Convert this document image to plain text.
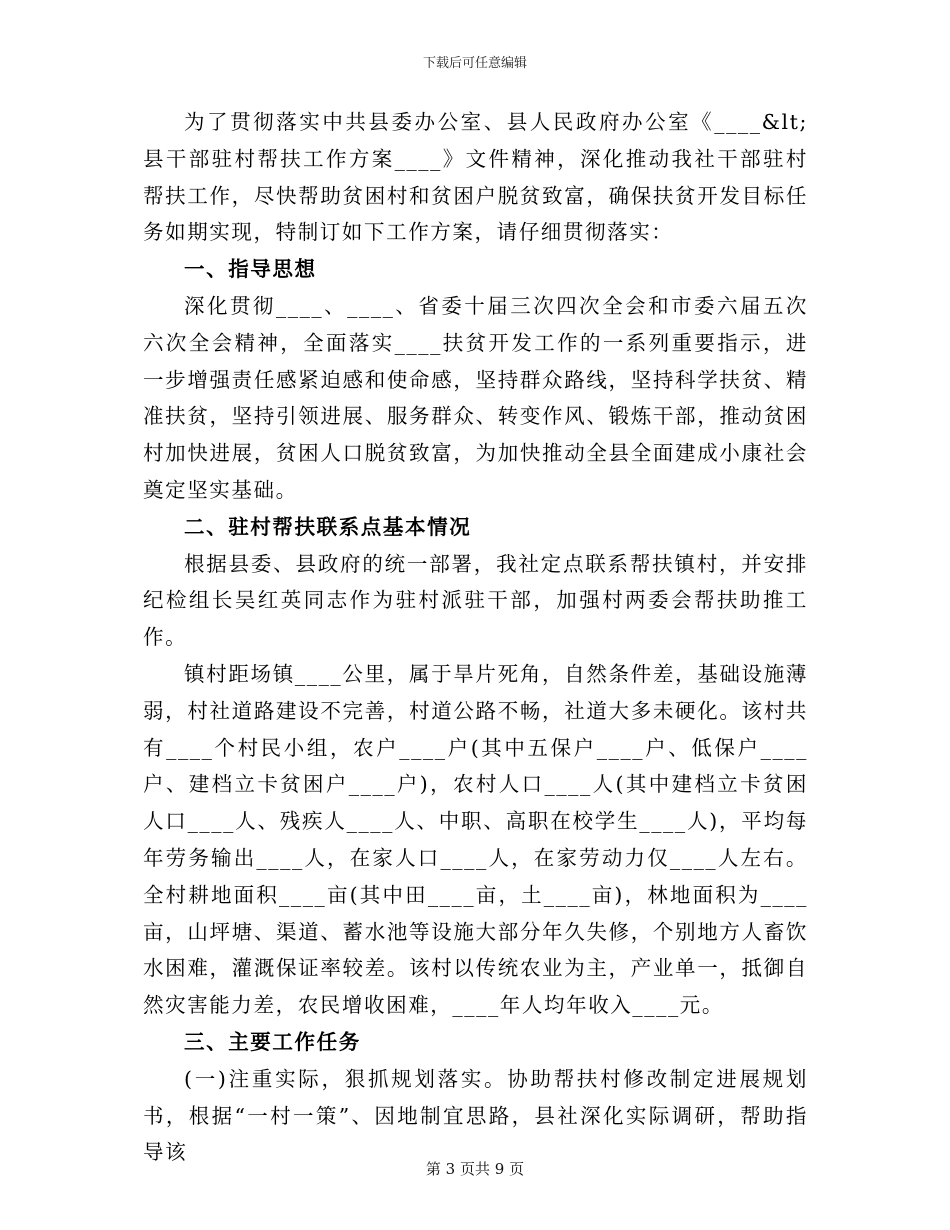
下载后可任意编辑

为了贯彻落实中共县委办公室、县人民政府办公室《____&lt;县干部驻村帮扶工作方案____》文件精神，深化推动我社干部驻村帮扶工作，尽快帮助贫困村和贫困户脱贫致富，确保扶贫开发目标任务如期实现，特制订如下工作方案，请仔细贯彻落实：

一、指导思想

深化贯彻____、____、省委十届三次四次全会和市委六届五次六次全会精神，全面落实____扶贫开发工作的一系列重要指示，进一步增强责任感紧迫感和使命感，坚持群众路线，坚持科学扶贫、精准扶贫，坚持引领进展、服务群众、转变作风、锻炼干部，推动贫困村加快进展，贫困人口脱贫致富，为加快推动全县全面建成小康社会奠定坚实基础。

二、驻村帮扶联系点基本情况

根据县委、县政府的统一部署，我社定点联系帮扶镇村，并安排纪检组长吴红英同志作为驻村派驻干部，加强村两委会帮扶助推工作。

镇村距场镇____公里，属于旱片死角，自然条件差，基础设施薄弱，村社道路建设不完善，村道公路不畅，社道大多未硬化。该村共有____个村民小组，农户____户(其中五保户____户、低保户____户、建档立卡贫困户____户)，农村人口____人(其中建档立卡贫困人口____人、残疾人____人、中职、高职在校学生____人)，平均每年劳务输出____人，在家人口____人，在家劳动力仅____人左右。全村耕地面积____亩(其中田____亩，土____亩)，林地面积为____亩，山坪塘、渠道、蓄水池等设施大部分年久失修，个别地方人畜饮水困难，灌溉保证率较差。该村以传统农业为主，产业单一，抵御自然灾害能力差，农民增收困难，____年人均年收入____元。

三、主要工作任务

(一)注重实际，狠抓规划落实。协助帮扶村修改制定进展规划书，根据“一村一策”、因地制宜思路，县社深化实际调研，帮助指导该

第 3 页共 9 页
